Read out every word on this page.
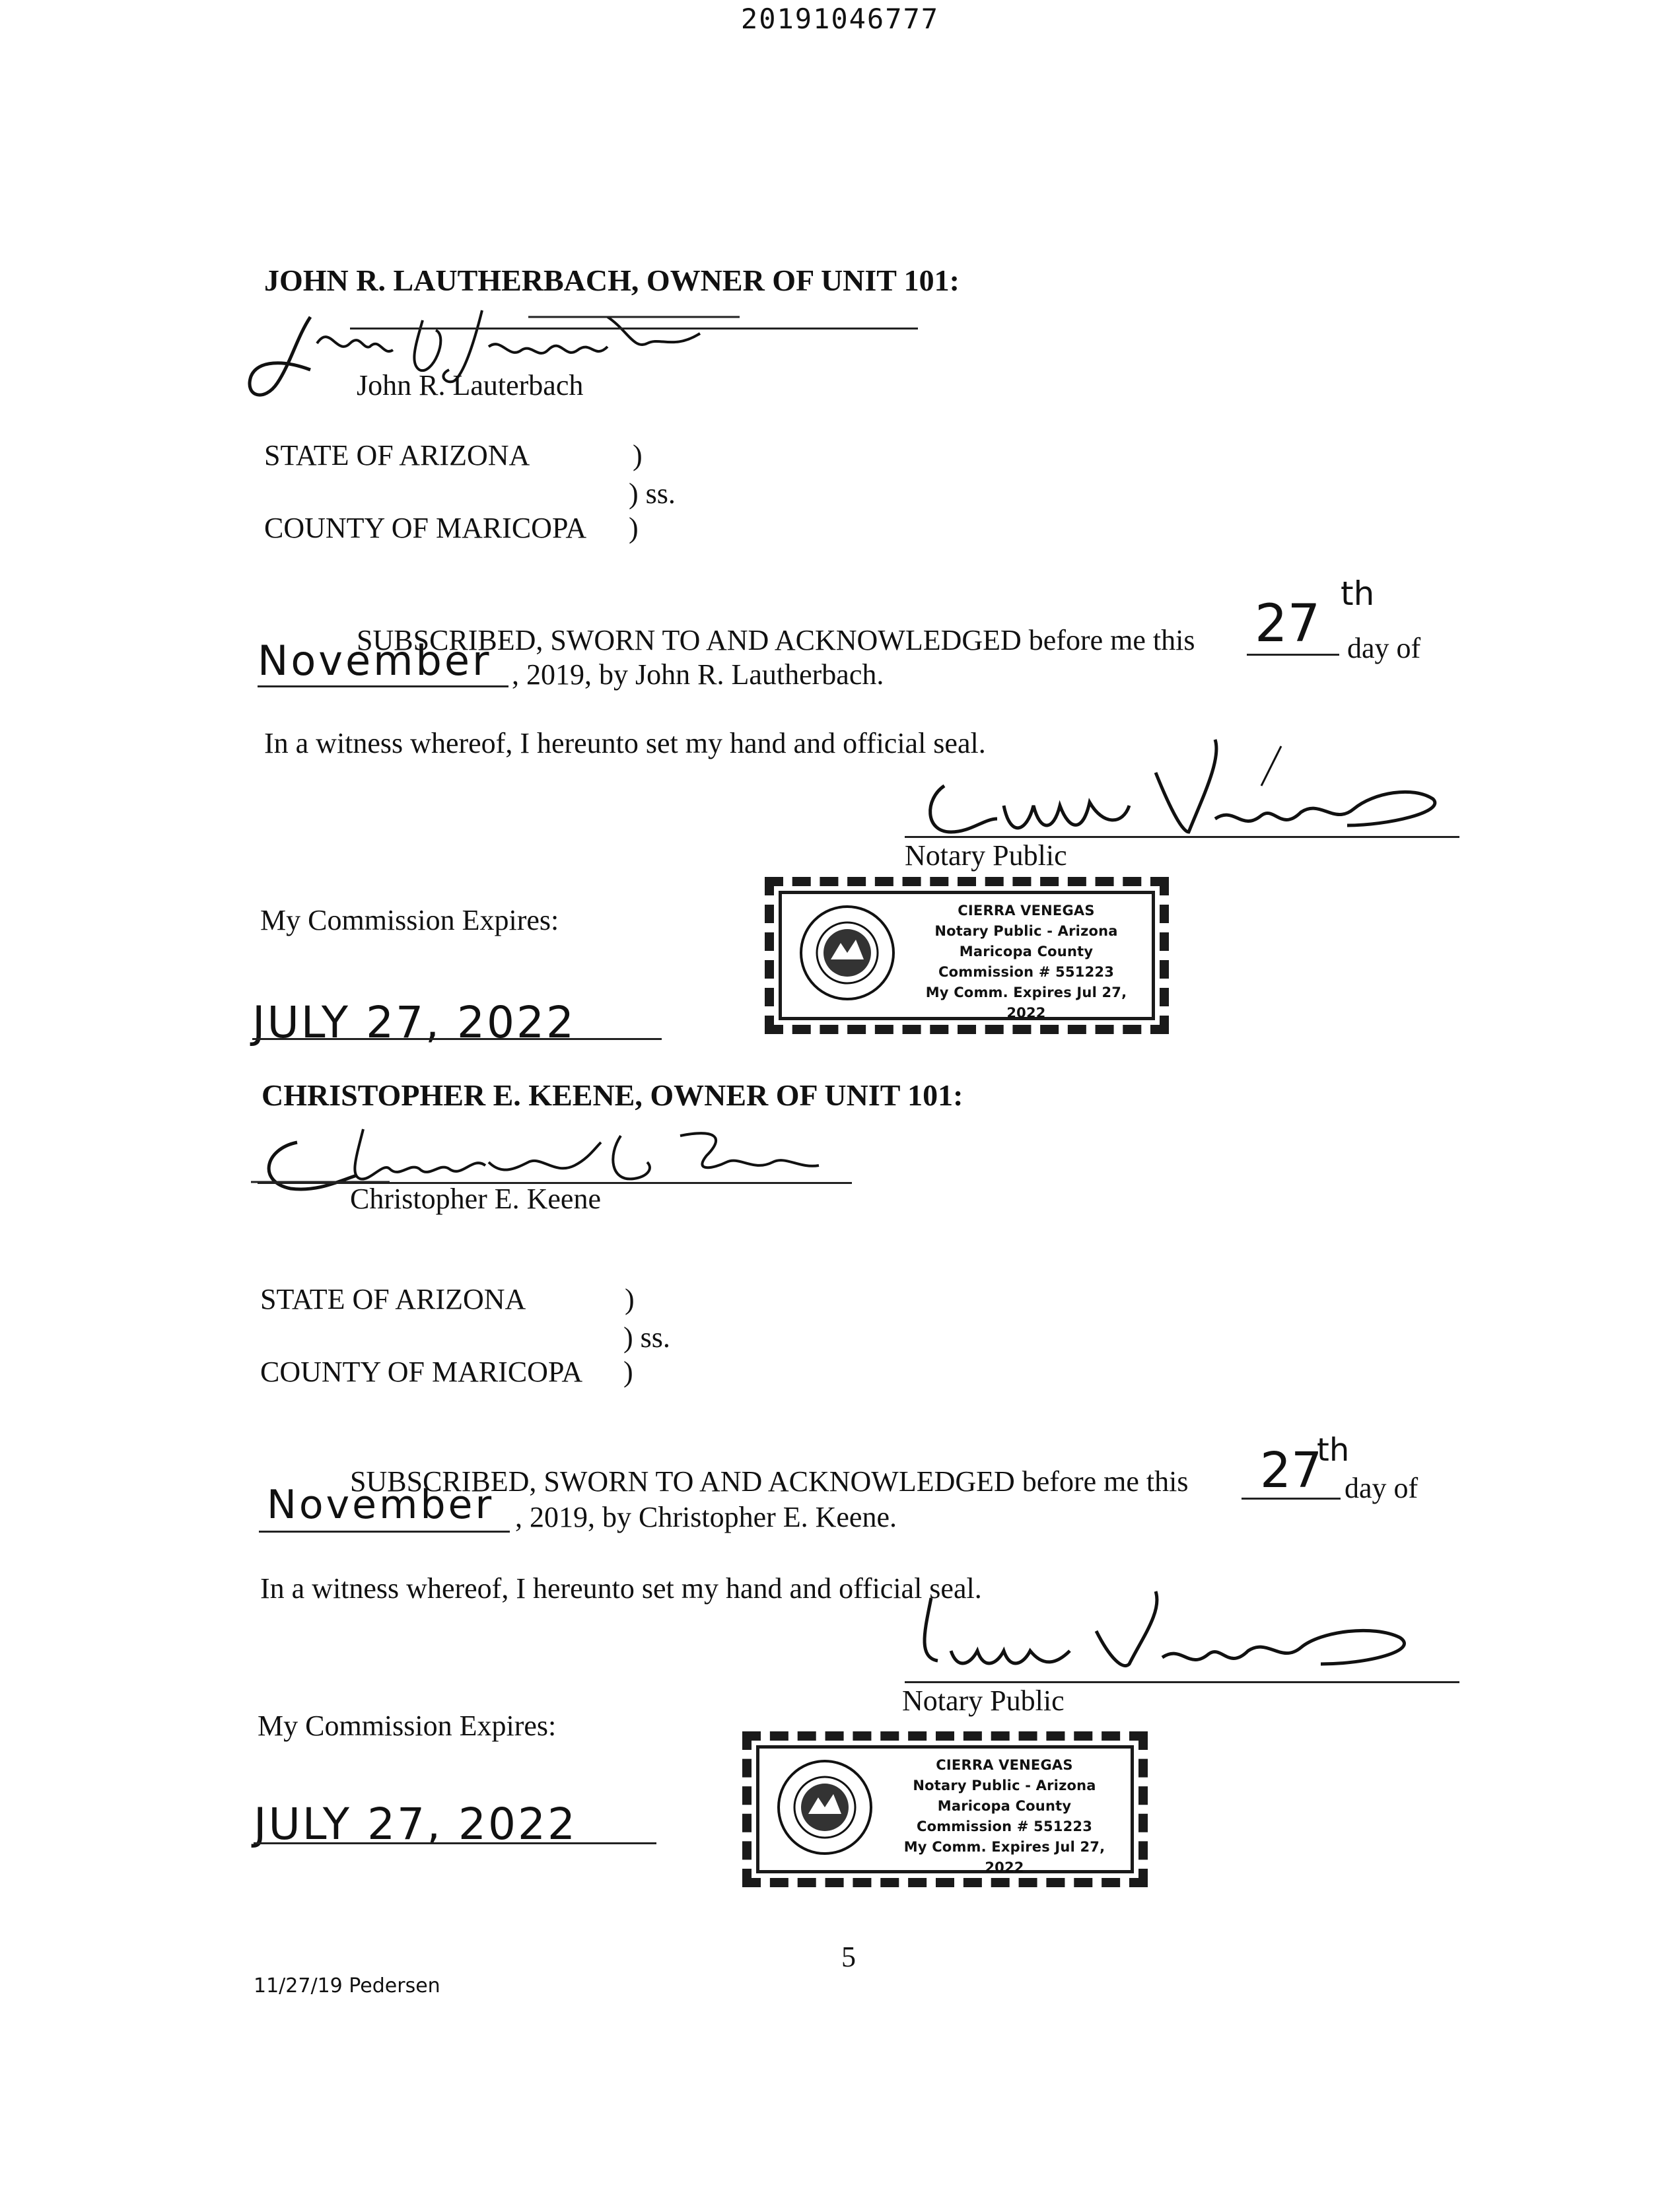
20191046777
JOHN R. LAUTHERBACH, OWNER OF UNIT 101:
John R. Lauterbach
STATE OF ARIZONA	)
) ss.
COUNTY OF MARICOPA )
SUBSCRIBED, SWORN TO AND ACKNOWLEDGED before me this 27
th
day of
November , 2019, by John R. Lautherbach.
In a witness whereof, I hereunto set my hand and official seal.
Notary Public
My Commission Expires:
JULY 27, 2022
CIERRA VENEGAS
Notary Public - Arizona
Maricopa County
Commission # 551223
My Comm. Expires Jul 27, 2022
CHRISTOPHER E. KEENE, OWNER OF UNIT 101:
Christopher E. Keene
STATE OF ARIZONA	)
) ss.
COUNTY OF MARICOPA )
SUBSCRIBED, SWORN TO AND ACKNOWLEDGED before me this 27
th
day of
November , 2019, by Christopher E. Keene.
In a witness whereof, I hereunto set my hand and official seal.
Notary Public
My Commission Expires:
JULY 27, 2022
CIERRA VENEGAS
Notary Public - Arizona
Maricopa County
Commission # 551223
My Comm. Expires Jul 27, 2022
5
11/27/19 Pedersen
